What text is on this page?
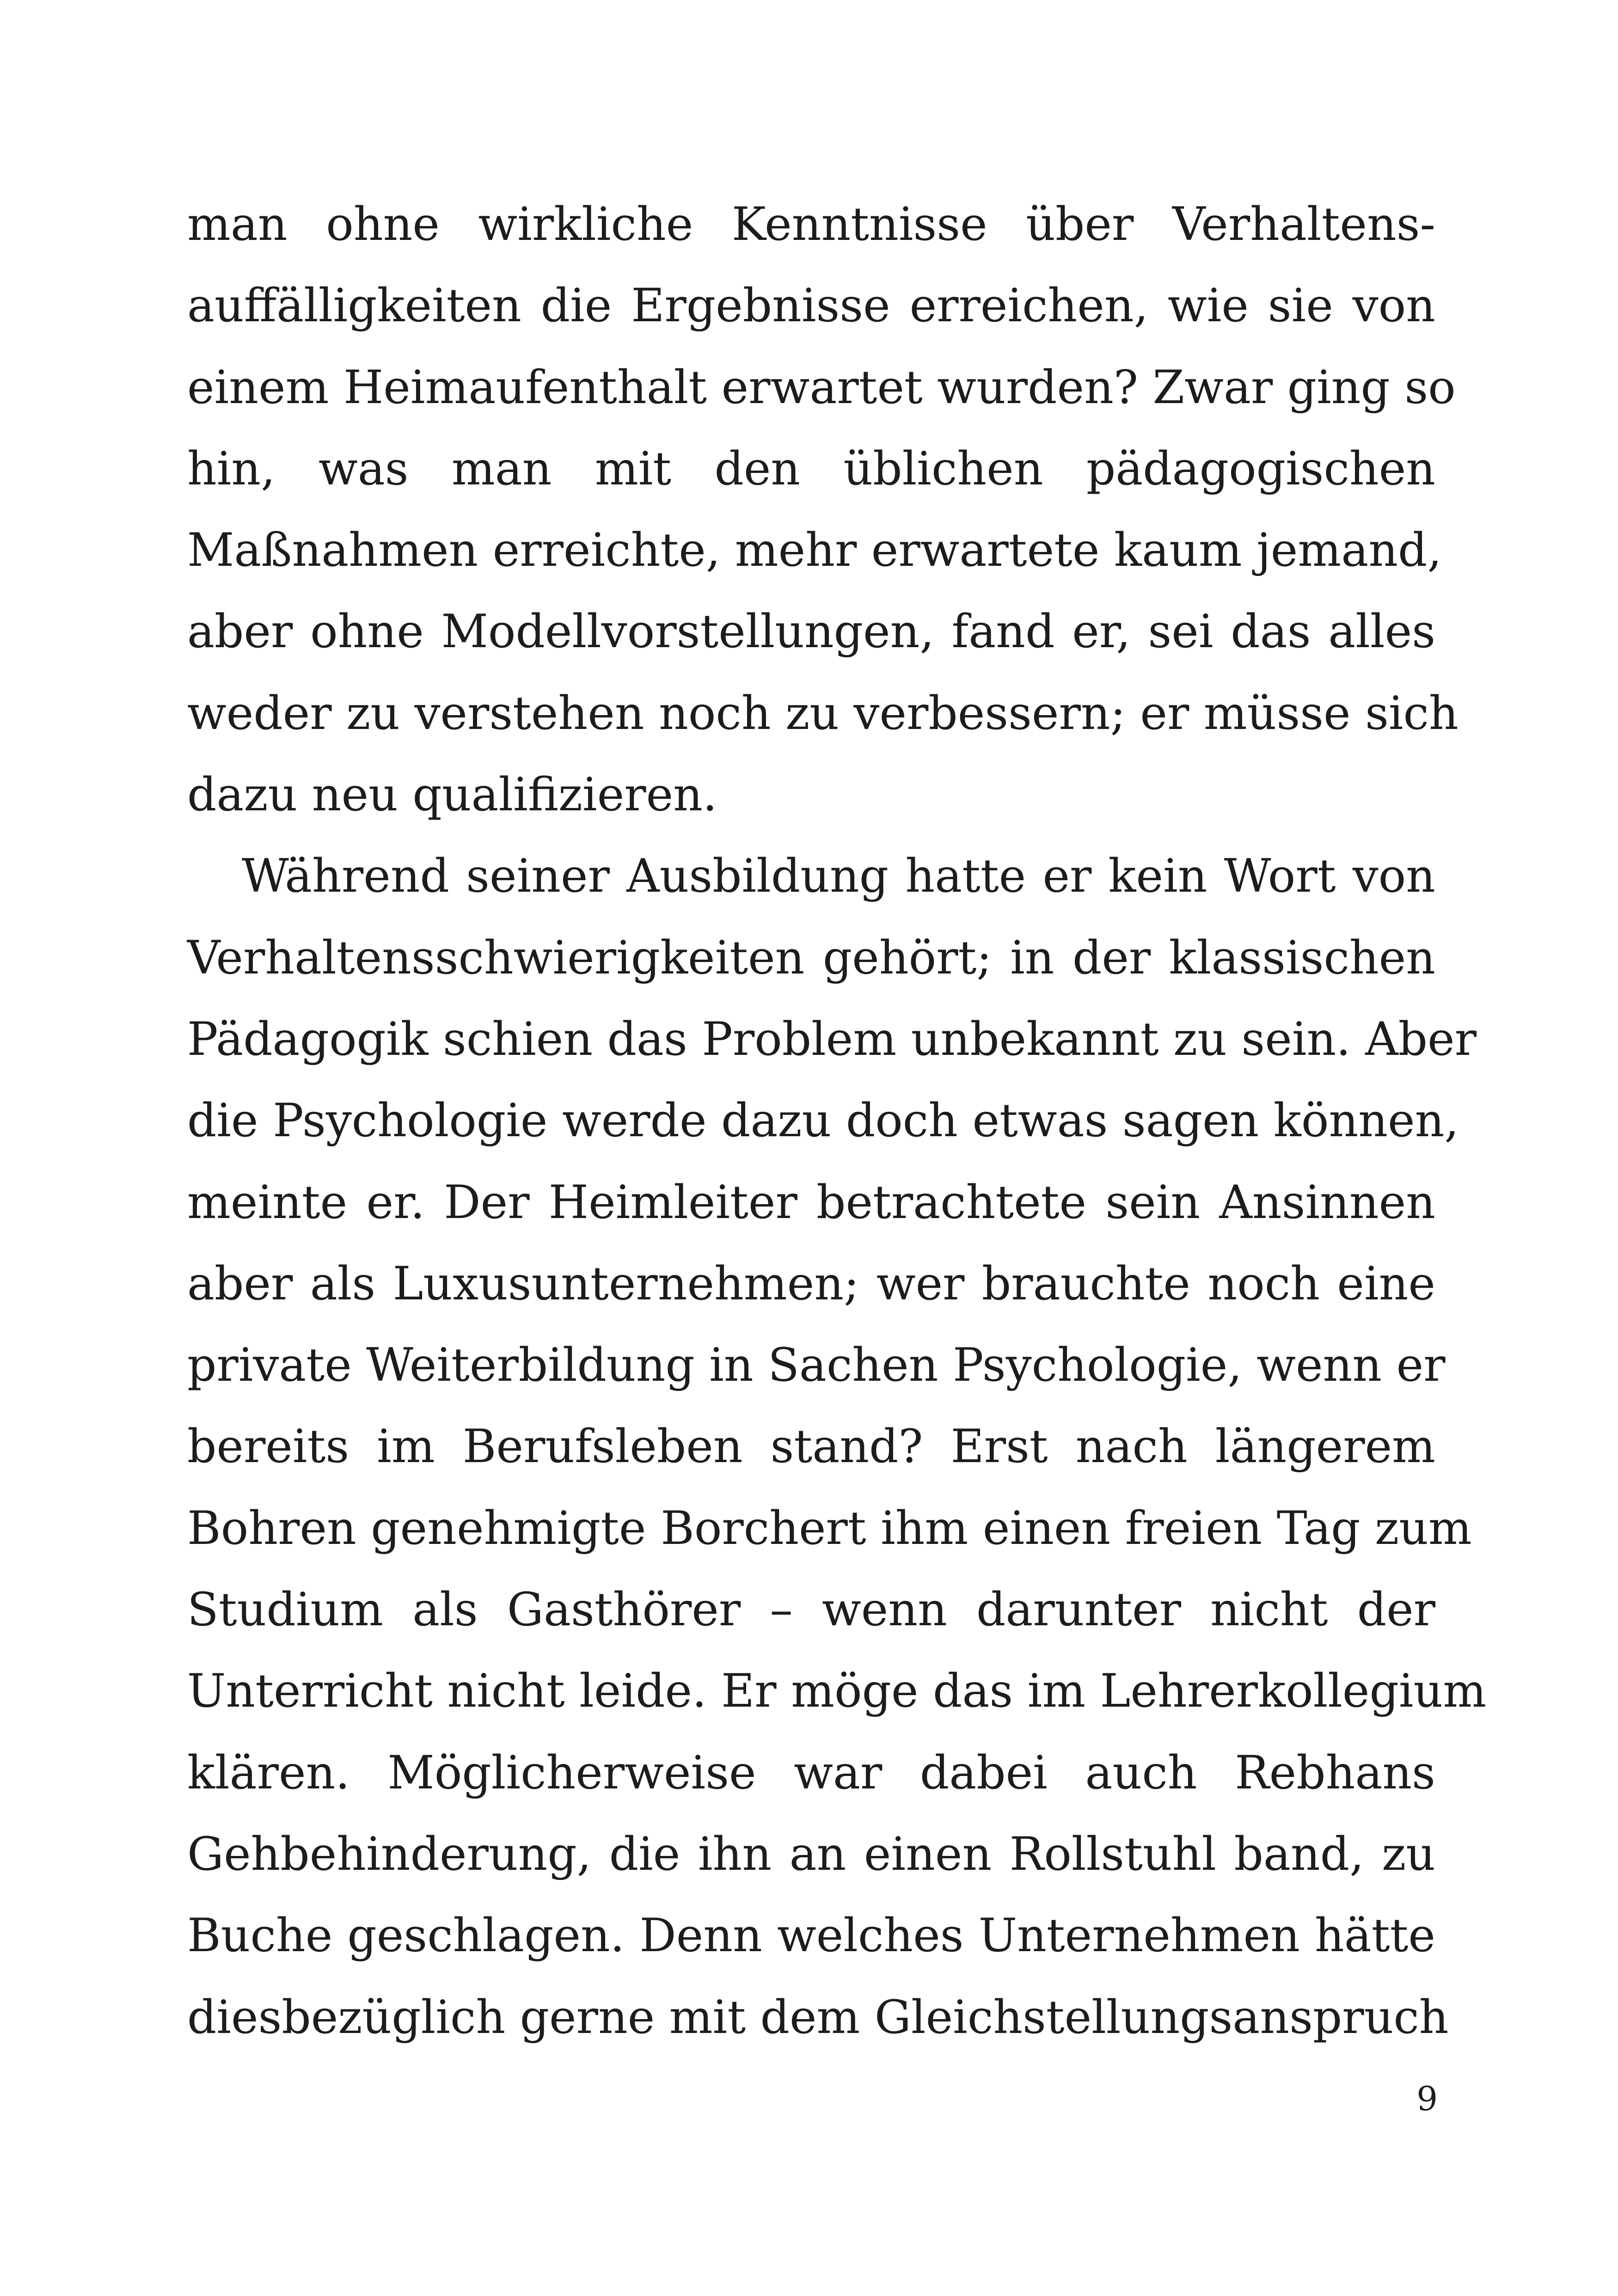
man ohne wirkliche Kenntnisse über Verhaltens-
auffälligkeiten die Ergebnisse erreichen, wie sie von
einem Heimaufenthalt erwartet wurden? Zwar ging so
hin, was man mit den üblichen pädagogischen
Maßnahmen erreichte, mehr erwartete kaum jemand,
aber ohne Modellvorstellungen, fand er, sei das alles
weder zu verstehen noch zu verbessern; er müsse sich
dazu neu qualifizieren.
Während seiner Ausbildung hatte er kein Wort von
Verhaltensschwierigkeiten gehört; in der klassischen
Pädagogik schien das Problem unbekannt zu sein. Aber
die Psychologie werde dazu doch etwas sagen können,
meinte er. Der Heimleiter betrachtete sein Ansinnen
aber als Luxusunternehmen; wer brauchte noch eine
private Weiterbildung in Sachen Psychologie, wenn er
bereits im Berufsleben stand? Erst nach längerem
Bohren genehmigte Borchert ihm einen freien Tag zum
Studium als Gasthörer – wenn darunter nicht der
Unterricht nicht leide. Er möge das im Lehrerkollegium
klären. Möglicherweise war dabei auch Rebhans
Gehbehinderung, die ihn an einen Rollstuhl band, zu
Buche geschlagen. Denn welches Unternehmen hätte
diesbezüglich gerne mit dem Gleichstellungsanspruch
9
